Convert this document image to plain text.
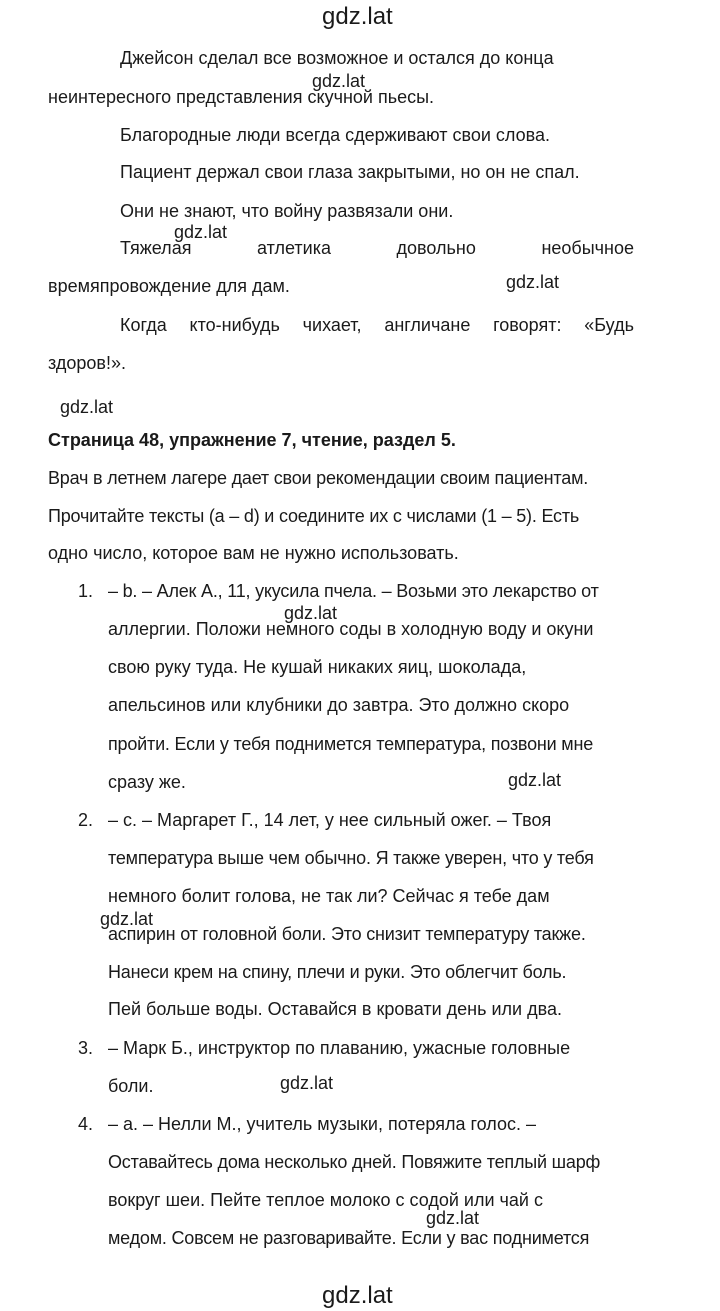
gdz.lat
gdz.lat
gdz.lat
gdz.lat
gdz.lat
gdz.lat
gdz.lat
gdz.lat
gdz.lat
gdz.lat
gdz.lat
Джейсон сделал все возможное и остался до конца
неинтересного представления скучной пьесы.
Благородные люди всегда сдерживают свои слова.
Пациент держал свои глаза закрытыми, но он не спал.
Они не знают, что войну развязали они.
Тяжелая	атлетика	довольно	необычное
времяпровождение для дам.
Когда кто-нибудь чихает, англичане говорят: «Будь
здоров!».
Страница 48, упражнение 7, чтение, раздел 5.
Врач в летнем лагере дает свои рекомендации своим пациентам.
Прочитайте тексты (a – d) и соедините их с числами (1 – 5). Есть
одно число, которое вам не нужно использовать.
1. – b. – Алек А., 11, укусила пчела. – Возьми это лекарство от
аллергии. Положи немного соды в холодную воду и окуни
свою руку туда. Не кушай никаких яиц, шоколада,
апельсинов или клубники до завтра. Это должно скоро
пройти. Если у тебя поднимется температура, позвони мне
сразу же.
2. – c. – Маргарет Г., 14 лет, у нее сильный ожег. – Твоя
температура выше чем обычно. Я также уверен, что у тебя
немного болит голова, не так ли? Сейчас я тебе дам
аспирин от головной боли. Это снизит температуру также.
Нанеси крем на спину, плечи и руки. Это облегчит боль.
Пей больше воды. Оставайся в кровати день или два.
3. – Марк Б., инструктор по плаванию, ужасные головные
боли.
4. – a. – Нелли М., учитель музыки, потеряла голос. –
Оставайтесь дома несколько дней. Повяжите теплый шарф
вокруг шеи. Пейте теплое молоко с содой или чай с
медом. Совсем не разговаривайте. Если у вас поднимется
